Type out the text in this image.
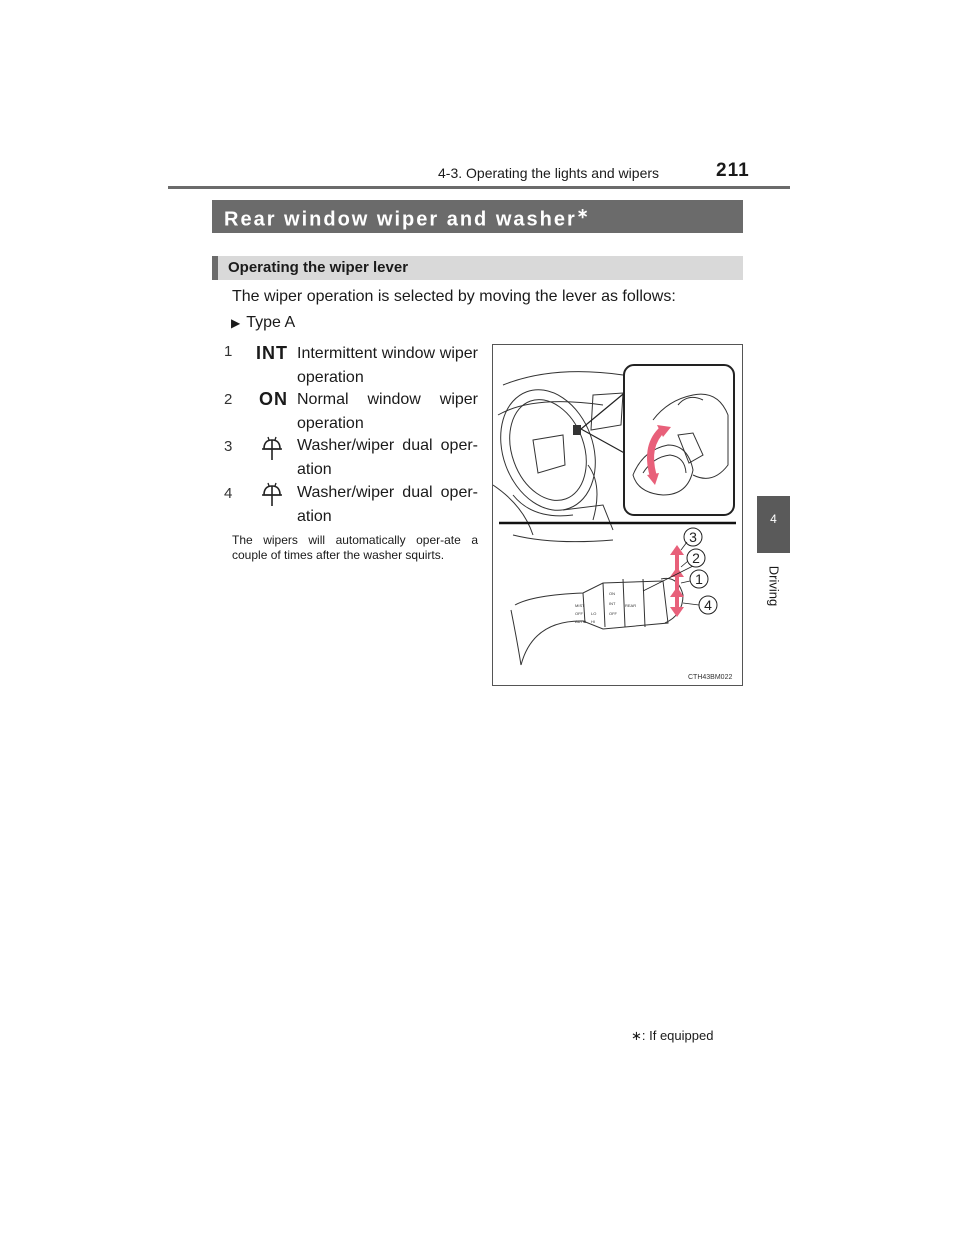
4-3. Operating the lights and wipers	211
4
Driving
Rear window wiper and washer∗
Operating the wiper lever
The wiper operation is selected by moving the lever as follows:
▶ Type A
1 INT Intermittent window wiper operation
2 ON Normal window wiper operation
3	Washer/wiper dual oper-ation
4	Washer/wiper dual oper-ation
The wipers will automatically oper-ate a couple of times after the washer squirts.
MIST
OFF
AUTO
LO
HI
ON
INT
OFF
REAR
3
2
1
4
CTH43BM022
∗: If equipped
